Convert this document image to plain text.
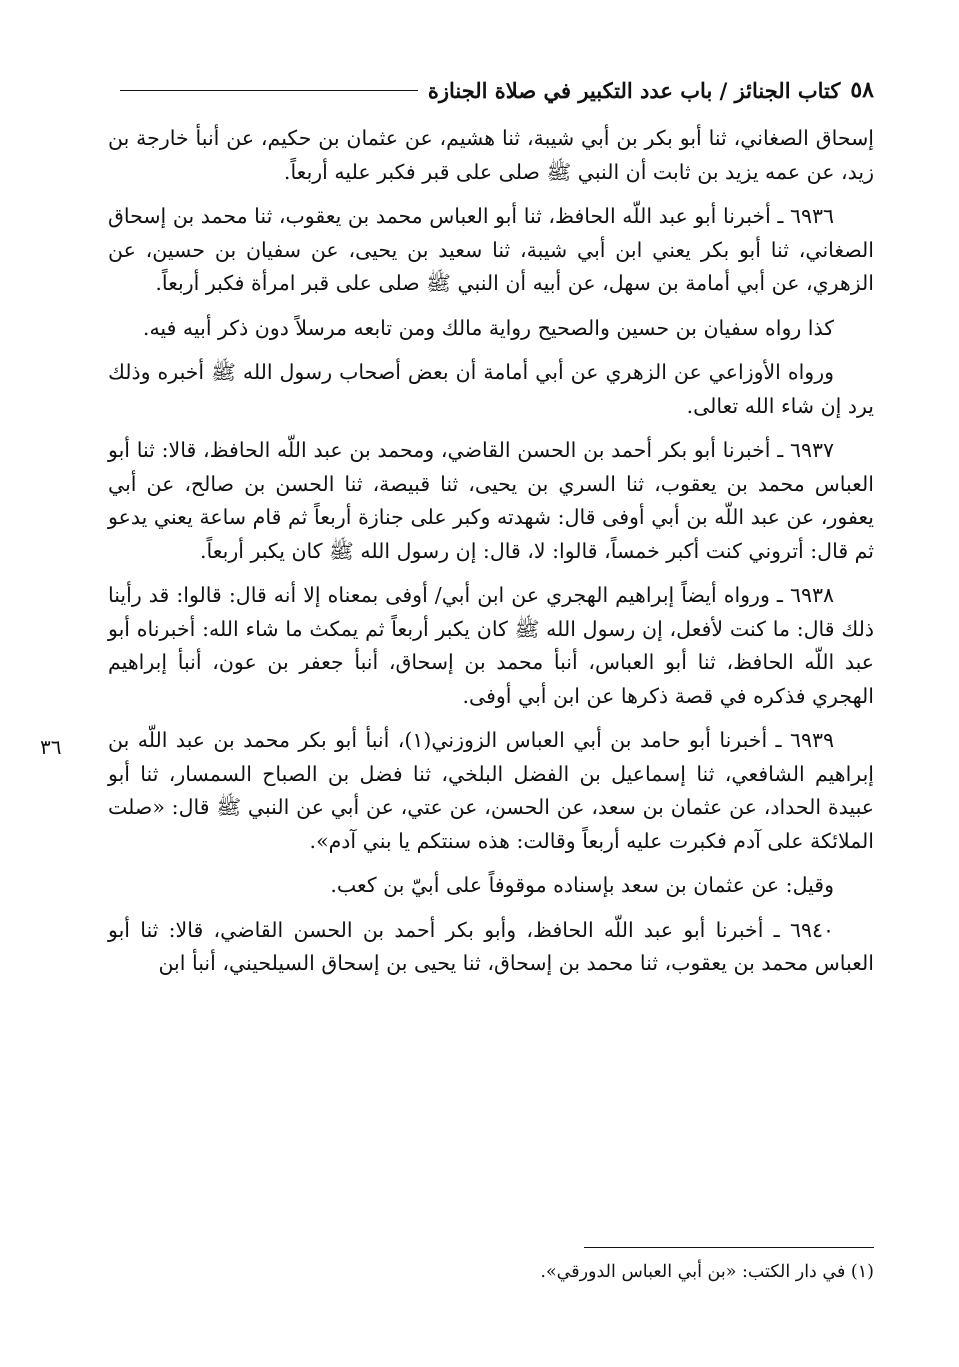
٥٨
كتاب الجنائز / باب عدد التكبير في صلاة الجنازة

إسحاق الصغاني، ثنا أبو بكر بن أبي شيبة، ثنا هشيم، عن عثمان بن حكيم، عن أنبأ خارجة بن زيد، عن عمه يزيد بن ثابت أن النبي ﷺ صلى على قبر فكبر عليه أربعاً.

٦٩٣٦ ـ أخبرنا أبو عبد اللّه الحافظ، ثنا أبو العباس محمد بن يعقوب، ثنا محمد بن إسحاق الصغاني، ثنا أبو بكر يعني ابن أبي شيبة، ثنا سعيد بن يحيى، عن سفيان بن حسين، عن الزهري، عن أبي أمامة بن سهل، عن أبيه أن النبي ﷺ صلى على قبر امرأة فكبر أربعاً.

كذا رواه سفيان بن حسين والصحيح رواية مالك ومن تابعه مرسلاً دون ذكر أبيه فيه.

ورواه الأوزاعي عن الزهري عن أبي أمامة أن بعض أصحاب رسول الله ﷺ أخبره وذلك يرد إن شاء الله تعالى.

٦٩٣٧ ـ أخبرنا أبو بكر أحمد بن الحسن القاضي، ومحمد بن عبد اللّه الحافظ، قالا: ثنا أبو العباس محمد بن يعقوب، ثنا السري بن يحيى، ثنا قبيصة، ثنا الحسن بن صالح، عن أبي يعفور، عن عبد اللّه بن أبي أوفى قال: شهدته وكبر على جنازة أربعاً ثم قام ساعة يعني يدعو ثم قال: أتروني كنت أكبر خمساً، قالوا: لا، قال: إن رسول الله ﷺ كان يكبر أربعاً.

٦٩٣٨ ـ ورواه أيضاً إبراهيم الهجري عن ابن أبي/ أوفى بمعناه إلا أنه قال: قالوا: قد رأينا ذلك قال: ما كنت لأفعل، إن رسول الله ﷺ كان يكبر أربعاً ثم يمكث ما شاء الله: أخبرناه أبو عبد اللّه الحافظ، ثنا أبو العباس، أنبأ محمد بن إسحاق، أنبأ جعفر بن عون، أنبأ إبراهيم الهجري فذكره في قصة ذكرها عن ابن أبي أوفى.

٦٩٣٩ ـ أخبرنا أبو حامد بن أبي العباس الزوزني(١)، أنبأ أبو بكر محمد بن عبد اللّه بن إبراهيم الشافعي، ثنا إسماعيل بن الفضل البلخي، ثنا فضل بن الصباح السمسار، ثنا أبو عبيدة الحداد، عن عثمان بن سعد، عن الحسن، عن عتي، عن أبي عن النبي ﷺ قال: «صلت الملائكة على آدم فكبرت عليه أربعاً وقالت: هذه سنتكم يا بني آدم».

وقيل: عن عثمان بن سعد بإسناده موقوفاً على أبيّ بن كعب.

٦٩٤٠ ـ أخبرنا أبو عبد اللّه الحافظ، وأبو بكر أحمد بن الحسن القاضي، قالا: ثنا أبو العباس محمد بن يعقوب، ثنا محمد بن إسحاق، ثنا يحيى بن إسحاق السيلحيني، أنبأ ابن

٣٦
(١) في دار الكتب: «بن أبي العباس الدورقي».
